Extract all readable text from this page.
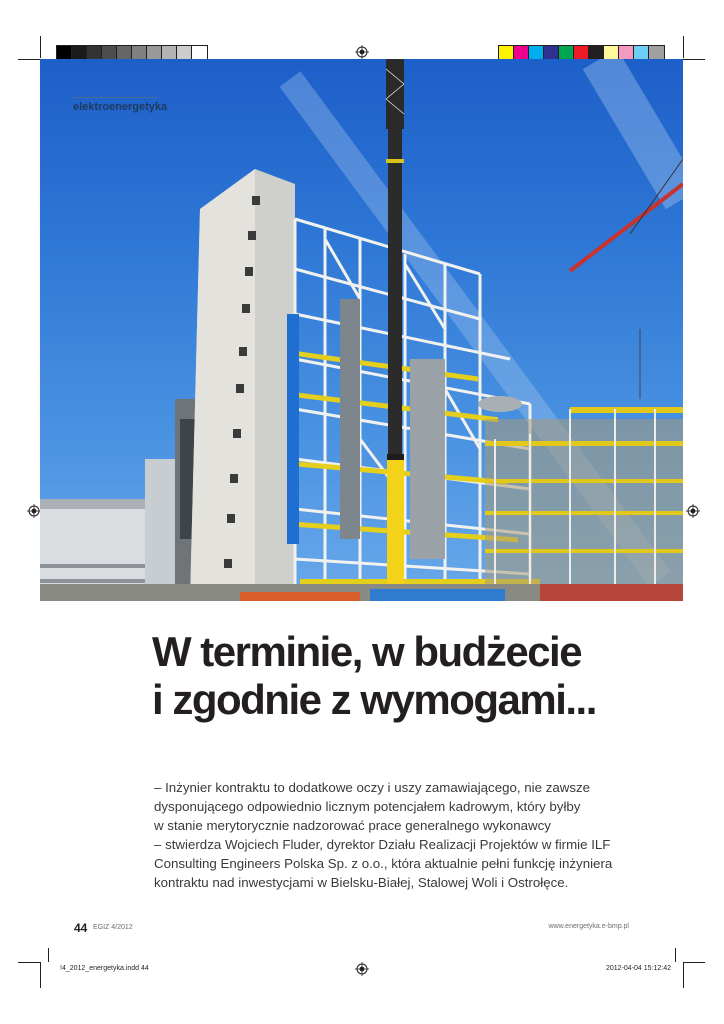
elektroenergetyka
W terminie, w budżecie
i zgodnie z wymogami...

– Inżynier kontraktu to dodatkowe oczy i uszy zamawiającego, nie zawsze
dysponującego odpowiednio licznym potencjałem kadrowym, który byłby
w stanie merytorycznie nadzorować prace generalnego wykonawcy
– stwierdza Wojciech Fluder, dyrektor Działu Realizacji Projektów w firmie ILF
Consulting Engineers Polska Sp. z o.o., która aktualnie pełni funkcję inżyniera
kontraktu nad inwestycjami w Bielsku-Białej, Stalowej Woli i Ostrołęce.

44 EGIZ 4/2012	www.energetyka.e-bmp.pl
!4_2012_energetyka.indd 44	2012-04-04 15:12:42
